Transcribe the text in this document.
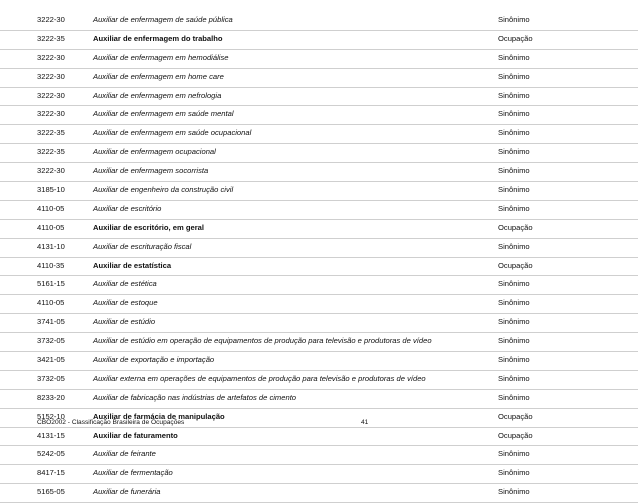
3222-30	Auxiliar de enfermagem de saúde pública	Sinônimo
3222-35	Auxiliar de enfermagem do trabalho	Ocupação
3222-30	Auxiliar de enfermagem em hemodiálise	Sinônimo
3222-30	Auxiliar de enfermagem em home care	Sinônimo
3222-30	Auxiliar de enfermagem em nefrologia	Sinônimo
3222-30	Auxiliar de enfermagem em saúde mental	Sinônimo
3222-35	Auxiliar de enfermagem em saúde ocupacional	Sinônimo
3222-35	Auxiliar de enfermagem ocupacional	Sinônimo
3222-30	Auxiliar de enfermagem socorrista	Sinônimo
3185-10	Auxiliar de engenheiro da construção civil	Sinônimo
4110-05	Auxiliar de escritório	Sinônimo
4110-05	Auxiliar de escritório, em geral	Ocupação
4131-10	Auxiliar de escrituração fiscal	Sinônimo
4110-35	Auxiliar de estatística	Ocupação
5161-15	Auxiliar de estética	Sinônimo
4110-05	Auxiliar de estoque	Sinônimo
3741-05	Auxiliar de estúdio	Sinônimo
3732-05	Auxiliar de estúdio em operação de equipamentos de produção para televisão e produtoras de vídeo	Sinônimo
3421-05	Auxiliar de exportação e importação	Sinônimo
3732-05	Auxiliar externa em operações de equipamentos de produção para televisão e produtoras de vídeo	Sinônimo
8233-20	Auxiliar de fabricação nas indústrias de artefatos de cimento	Sinônimo
5152-10	Auxiliar de farmácia de manipulação	Ocupação
4131-15	Auxiliar de faturamento	Ocupação
5242-05	Auxiliar de feirante	Sinônimo
8417-15	Auxiliar de fermentação	Sinônimo
5165-05	Auxiliar de funerária	Sinônimo
CBO2002 - Classificação Brasileira de Ocupações	41
